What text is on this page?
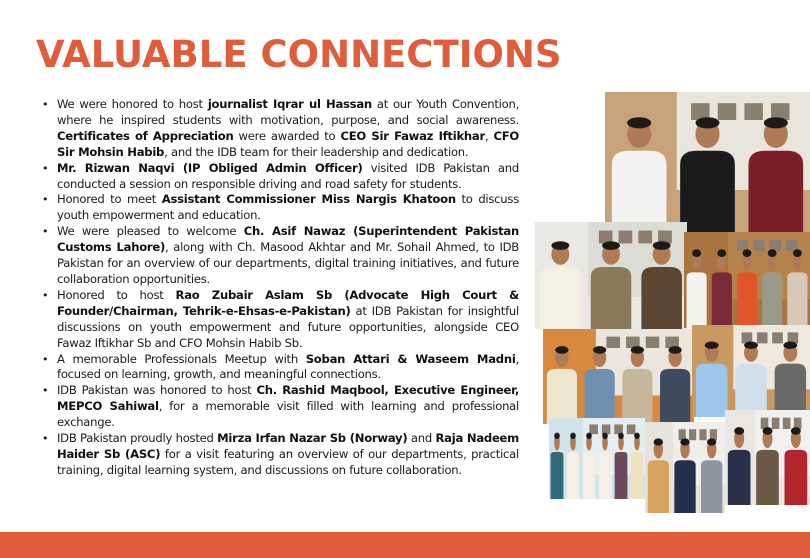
VALUABLE CONNECTIONS
• We were honored to host journalist Iqrar ul Hassan at our Youth Convention, where he inspired students with motivation, purpose, and social awareness. Certificates of Appreciation were awarded to CEO Sir Fawaz Iftikhar, CFO Sir Mohsin Habib, and the IDB team for their leadership and dedication.
• Mr. Rizwan Naqvi (IP Obliged Admin Officer) visited IDB Pakistan and conducted a session on responsible driving and road safety for students.
• Honored to meet Assistant Commissioner Miss Nargis Khatoon to discuss youth empowerment and education.
• We were pleased to welcome Ch. Asif Nawaz (Superintendent Pakistan Customs Lahore), along with Ch. Masood Akhtar and Mr. Sohail Ahmed, to IDB Pakistan for an overview of our departments, digital training initiatives, and future collaboration opportunities.
• Honored to host Rao Zubair Aslam Sb (Advocate High Court & Founder/Chairman, Tehrik-e-Ehsas-e-Pakistan) at IDB Pakistan for insightful discussions on youth empowerment and future opportunities, alongside CEO Fawaz Iftikhar Sb and CFO Mohsin Habib Sb.
• A memorable Professionals Meetup with Soban Attari & Waseem Madni, focused on learning, growth, and meaningful connections.
• IDB Pakistan was honored to host Ch. Rashid Maqbool, Executive Engineer, MEPCO Sahiwal, for a memorable visit filled with learning and professional exchange.
• IDB Pakistan proudly hosted Mirza Irfan Nazar Sb (Norway) and Raja Nadeem Haider Sb (ASC) for a visit featuring an overview of our departments, practical training, digital learning system, and discussions on future collaboration.
